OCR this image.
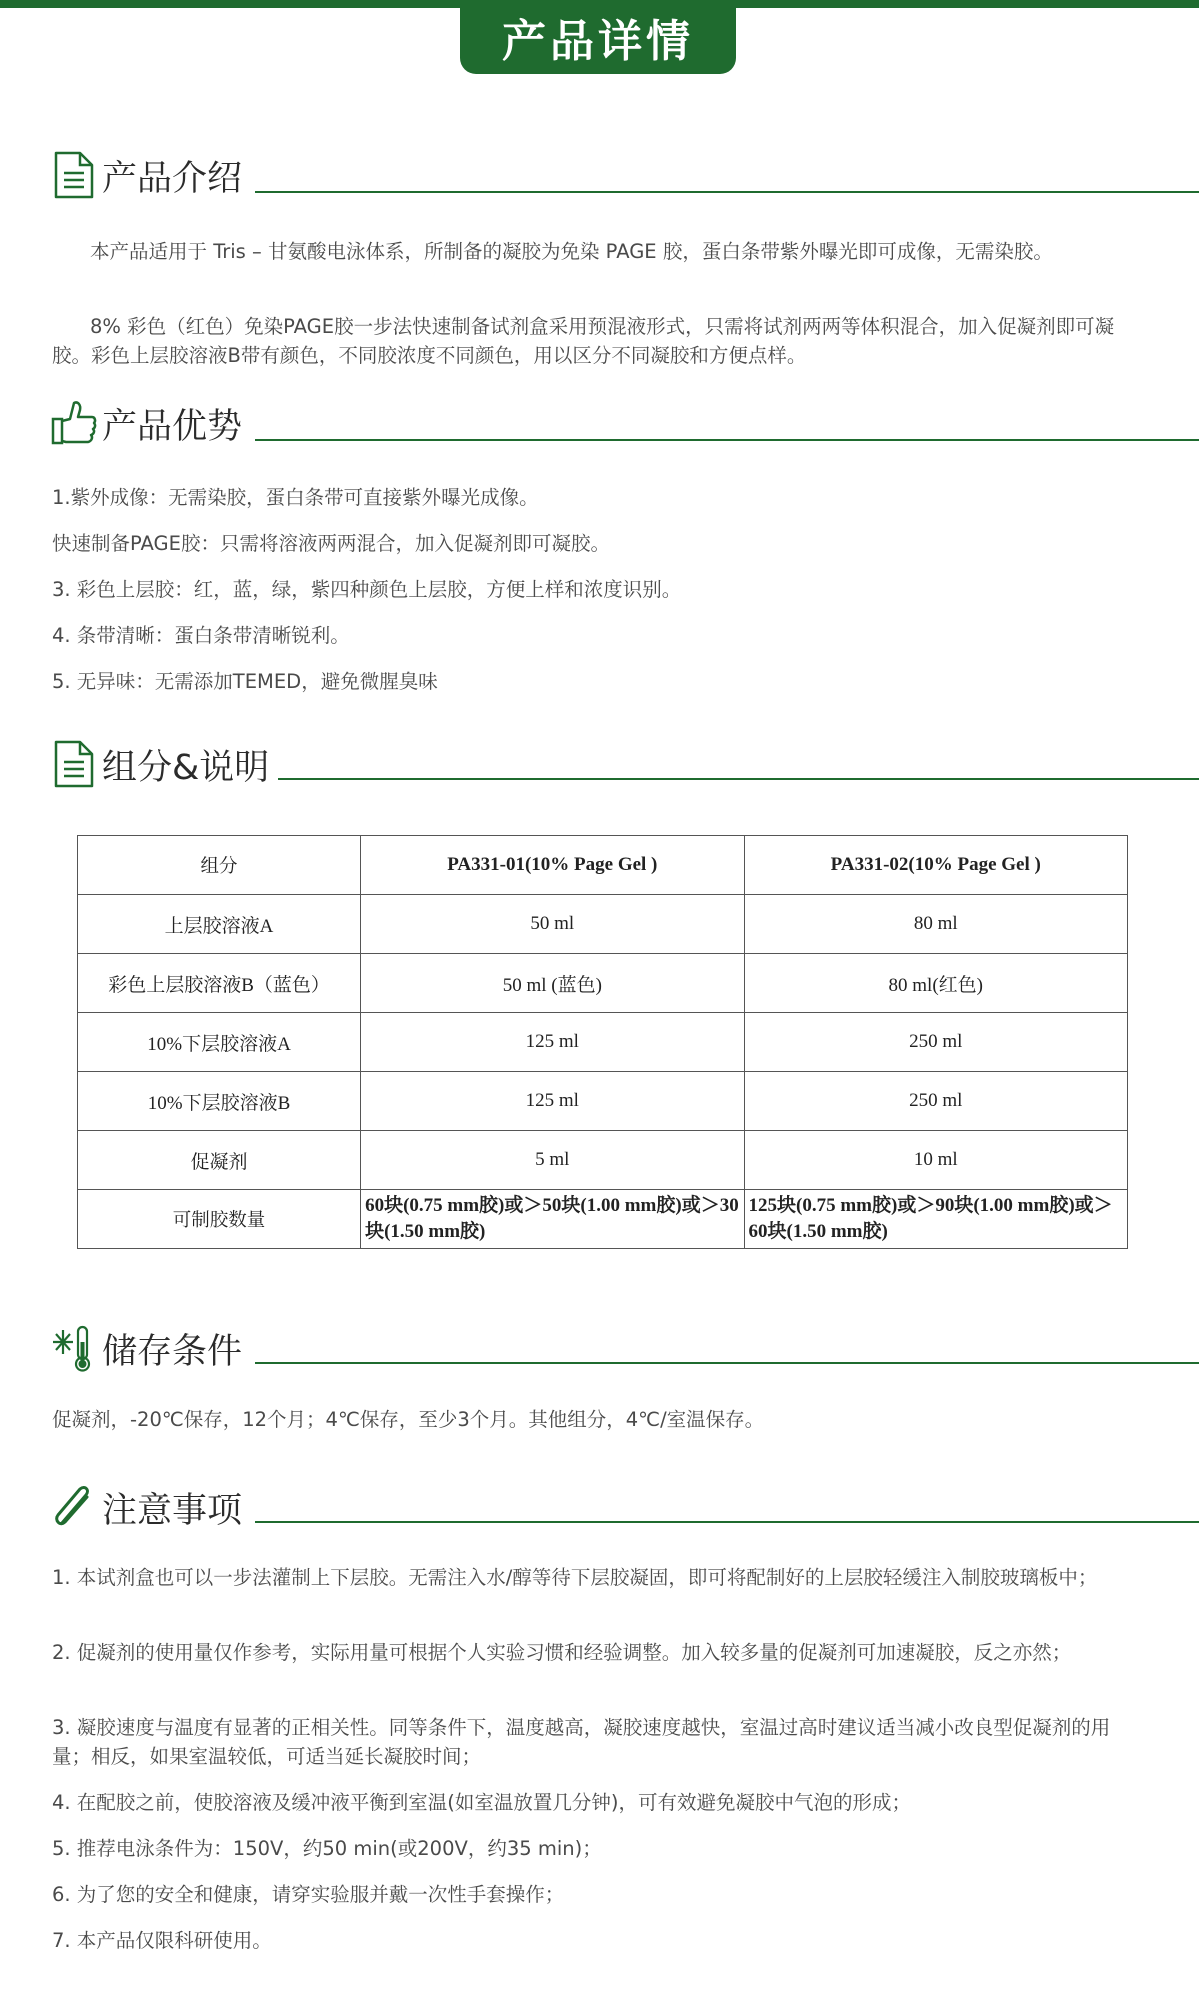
产品详情
产品介绍
本产品适用于 Tris – 甘氨酸电泳体系，所制备的凝胶为免染 PAGE 胶，蛋白条带紫外曝光即可成像，无需染胶。
8% 彩色（红色）免染PAGE胶一步法快速制备试剂盒采用预混液形式，只需将试剂两两等体积混合，加入促凝剂即可凝胶。彩色上层胶溶液B带有颜色，不同胶浓度不同颜色，用以区分不同凝胶和方便点样。
产品优势
1.紫外成像：无需染胶，蛋白条带可直接紫外曝光成像。
快速制备PAGE胶：只需将溶液两两混合，加入促凝剂即可凝胶。
3. 彩色上层胶：红，蓝，绿，紫四种颜色上层胶，方便上样和浓度识别。
4. 条带清晰：蛋白条带清晰锐利。
5. 无异味：无需添加TEMED，避免微腥臭味
组分&说明
组分	PA331-01(10% Page Gel )	PA331-02(10% Page Gel )
上层胶溶液A	50 ml	80 ml
彩色上层胶溶液B（蓝色）	50 ml (蓝色)	80 ml(红色)
10%下层胶溶液A	125 ml	250 ml
10%下层胶溶液B	125 ml	250 ml
促凝剂	5 ml	10 ml
可制胶数量	60块(0.75 mm胶)或＞50块(1.00 mm胶)或＞30块(1.50 mm胶)	125块(0.75 mm胶)或＞90块(1.00 mm胶)或＞60块(1.50 mm胶)
储存条件
促凝剂，-20℃保存，12个月；4℃保存，至少3个月。其他组分，4℃/室温保存。
注意事项
1. 本试剂盒也可以一步法灌制上下层胶。无需注入水/醇等待下层胶凝固，即可将配制好的上层胶轻缓注入制胶玻璃板中；
2. 促凝剂的使用量仅作参考，实际用量可根据个人实验习惯和经验调整。加入较多量的促凝剂可加速凝胶，反之亦然；
3. 凝胶速度与温度有显著的正相关性。同等条件下，温度越高，凝胶速度越快，室温过高时建议适当减小改良型促凝剂的用量；相反，如果室温较低，可适当延长凝胶时间；
4. 在配胶之前，使胶溶液及缓冲液平衡到室温(如室温放置几分钟)，可有效避免凝胶中气泡的形成；
5. 推荐电泳条件为：150V，约50 min(或200V，约35 min)；
6. 为了您的安全和健康，请穿实验服并戴一次性手套操作；
7. 本产品仅限科研使用。
